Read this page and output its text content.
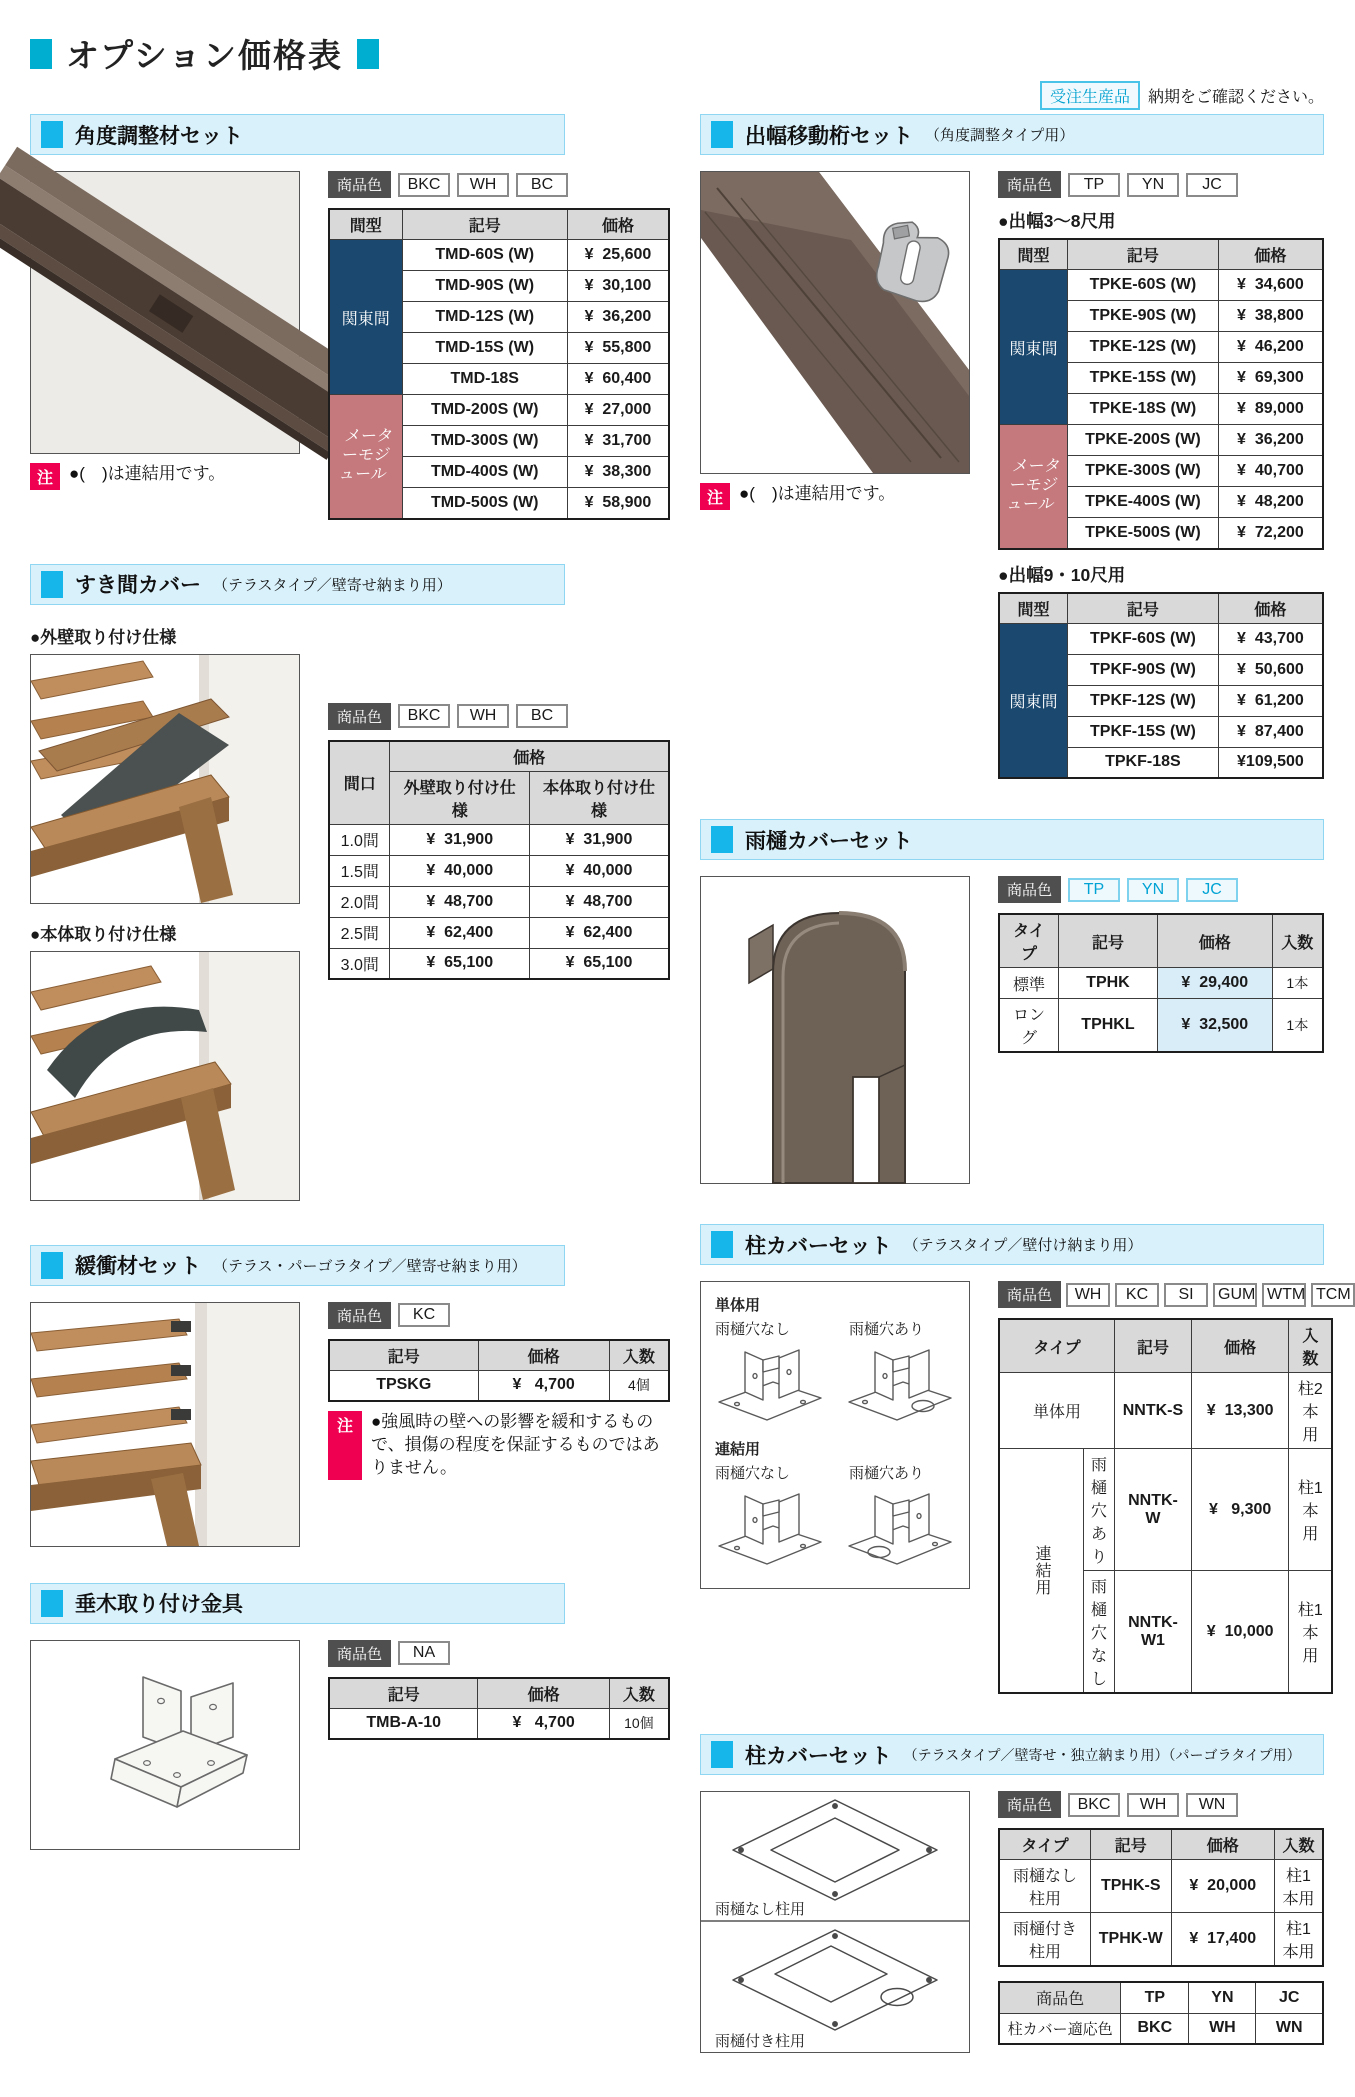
オプション価格表
受注生産品	納期をご確認ください。
角度調整材セット
注 ●(　)は連結用です。
商品色	BKC	WH	BC
間型	記号	価格
関東間	TMD-60S (W)	¥  25,600
	TMD-90S (W)	¥  30,100
	TMD-12S (W)	¥  36,200
	TMD-15S (W)	¥  55,800
	TMD-18S	¥  60,400
メーターモジュール	TMD-200S (W)	¥  27,000
	TMD-300S (W)	¥  31,700
	TMD-400S (W)	¥  38,300
	TMD-500S (W)	¥  58,900
すき間カバー （テラスタイプ／壁寄せ納まり用）
●外壁取り付け仕様
●本体取り付け仕様
商品色	BKC	WH	BC
間口	価格	
	外壁取り付け仕様	本体取り付け仕様
1.0間	¥  31,900	¥  31,900
1.5間	¥  40,000	¥  40,000
2.0間	¥  48,700	¥  48,700
2.5間	¥  62,400	¥  62,400
3.0間	¥  65,100	¥  65,100
緩衝材セット （テラス・パーゴラタイプ／壁寄せ納まり用）
商品色	KC
記号	価格	入数
TPSKG	¥   4,700	4個
注 ●強風時の壁への影響を緩和するもので、損傷の程度を保証するものではありません。
垂木取り付け金具
商品色	NA
記号	価格	入数
TMB-A-10	¥   4,700	10個
出幅移動桁セット （角度調整タイプ用）
注 ●(　)は連結用です。
商品色	TP	YN	JC
●出幅3～8尺用
間型	記号	価格
関東間	TPKE-60S (W)	¥  34,600
	TPKE-90S (W)	¥  38,800
	TPKE-12S (W)	¥  46,200
	TPKE-15S (W)	¥  69,300
	TPKE-18S (W)	¥  89,000
メーターモジュール	TPKE-200S (W)	¥  36,200
	TPKE-300S (W)	¥  40,700
	TPKE-400S (W)	¥  48,200
	TPKE-500S (W)	¥  72,200
●出幅9・10尺用
間型	記号	価格
関東間	TPKF-60S (W)	¥  43,700
	TPKF-90S (W)	¥  50,600
	TPKF-12S (W)	¥  61,200
	TPKF-15S (W)	¥  87,400
	TPKF-18S	¥109,500
雨樋カバーセット
商品色	TP	YN	JC
タイプ	記号	価格	入数
標準	TPHK	¥  29,400	1本
ロング	TPHKL	¥  32,500	1本
柱カバーセット （テラスタイプ／壁付け納まり用）
単体用
雨樋穴なし	雨樋穴あり
連結用
雨樋穴なし	雨樋穴あり
商品色	WH	KC	SI	GUM WTM TCM
タイプ		記号	価格	入数
単体用		NNTK-S	¥  13,300	柱2本用
連結用	雨樋穴あり	NNTK-W	¥   9,300	柱1本用
	雨樋穴なし	NNTK-W1	¥  10,000	柱1本用
柱カバーセット （テラスタイプ／壁寄せ・独立納まり用）（パーゴラタイプ用）
雨樋なし柱用
雨樋付き柱用
商品色	BKC	WH	WN
タイプ	記号	価格	入数
雨樋なし柱用	TPHK-S	¥  20,000	柱1本用
雨樋付き柱用	TPHK-W	¥  17,400	柱1本用
商品色	TP	YN	JC
柱カバー適応色	BKC	WH	WN
